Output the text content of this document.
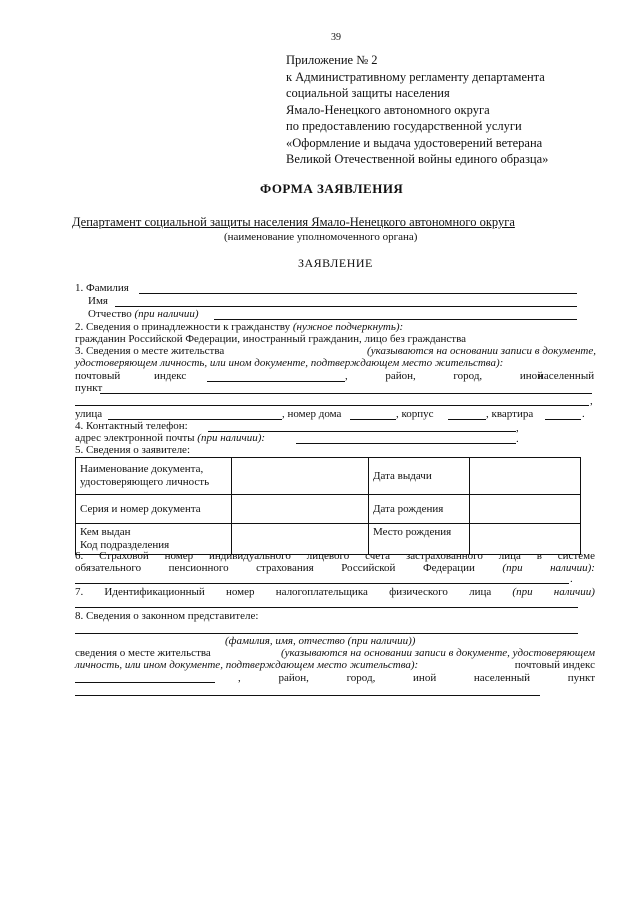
39
Приложение № 2
к Административному регламенту департамента
социальной защиты населения
Ямало-Ненецкого автономного округа
по предоставлению государственной услуги
«Оформление и выдача удостоверений ветерана
Великой Отечественной войны единого образца»
ФОРМА ЗАЯВЛЕНИЯ
Департамент социальной защиты населения Ямало-Ненецкого автономного округа
(наименование уполномоченного органа)
ЗАЯВЛЕНИЕ
1. Фамилия
Имя
Отчество (при наличии)
2. Сведения о принадлежности к гражданству (нужное подчеркнуть):
гражданин Российской Федерации, иностранный гражданин, лицо без гражданства
3. Сведения о месте жительства	(указываются на основании записи в документе,
удостоверяющем личность, или ином документе, подтверждающем место жительства):
почтовый	индекс	,	район,	город,	иной
населенный
пункт
,
улица	, номер дома	, корпус	, квартира	.
4. Контактный телефон:	,
адрес электронной почты (при наличии):	.
5. Сведения о заявителе:
Наименование документа,
удостоверяющего личность		Дата выдачи	
Серия и номер документа		Дата рождения	

Кем выдан
Код подразделения		Место рождения	
6. Страховой номер индивидуального лицевого счета застрахованного лица в системе
обязательного	пенсионного	страхования	Российской	Федерации	(при	наличии):
.
7. Идентификационный номер налогоплательщика физического лица (при наличии)
8. Сведения о законном представителе:
(фамилия, имя, отчество (при наличии))
сведения о месте жительства	(указываются на основании записи в документе, удостоверяющем
личность, или ином документе, подтверждающем место жительства):	почтовый индекс
,	район,	город,	иной	населенный	пункт
